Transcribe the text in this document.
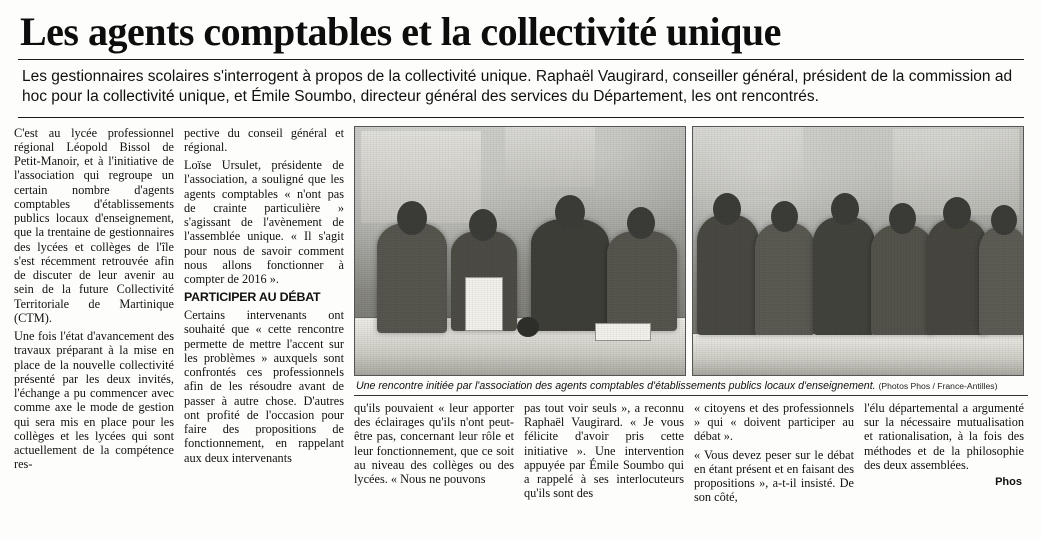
Les agents comptables et la collectivité unique
Les gestionnaires scolaires s'interrogent à propos de la collectivité unique. Raphaël Vaugirard, conseiller général, président de la commission ad hoc pour la collectivité unique, et Émile Soumbo, directeur général des services du Département, les ont rencontrés.

C'est au lycée professionnel régional Léopold Bissol de Petit-Manoir, et à l'initiative de l'association qui regroupe un certain nombre d'agents comptables d'établissements publics locaux d'enseignement, que la trentaine de gestionnaires des lycées et collèges de l'île s'est récemment retrouvée afin de discuter de leur avenir au sein de la future Collectivité Territoriale de Martinique (CTM).

Une fois l'état d'avancement des travaux préparant à la mise en place de la nouvelle collectivité présenté par les deux invités, l'échange a pu commencer avec comme axe le mode de gestion qui sera mis en place pour les collèges et les lycées qui sont actuellement de la compétence res-

pective du conseil général et régional.

Loïse Ursulet, présidente de l'association, a souligné que les agents comptables « n'ont pas de crainte particulière » s'agissant de l'avènement de l'assemblée unique. « Il s'agit pour nous de savoir comment nous allons fonctionner à compter de 2016 ».

PARTICIPER AU DÉBAT

Certains intervenants ont souhaité que « cette rencontre permette de mettre l'accent sur les problèmes » auxquels sont confrontés ces professionnels afin de les résoudre avant de passer à autre chose. D'autres ont profité de l'occasion pour faire des propositions de fonctionnement, en rappelant aux deux intervenants

Une rencontre initiée par l'association des agents comptables d'établissements publics locaux d'enseignement. (Photos Phos / France-Antilles)

qu'ils pouvaient « leur apporter des éclairages qu'ils n'ont peut-être pas, concernant leur rôle et leur fonctionnement, que ce soit au niveau des collèges ou des lycées. « Nous ne pouvons

pas tout voir seuls », a reconnu Raphaël Vaugirard. « Je vous félicite d'avoir pris cette initiative ». Une intervention appuyée par Émile Soumbo qui a rappelé à ses interlocuteurs qu'ils sont des

« citoyens et des professionnels » qui « doivent participer au débat ».

« Vous devez peser sur le débat en étant présent et en faisant des propositions », a-t-il insisté. De son côté,

l'élu départemental a argumenté sur la nécessaire mutualisation et rationalisation, à la fois des méthodes et de la philosophie des deux assemblées.

Phos
